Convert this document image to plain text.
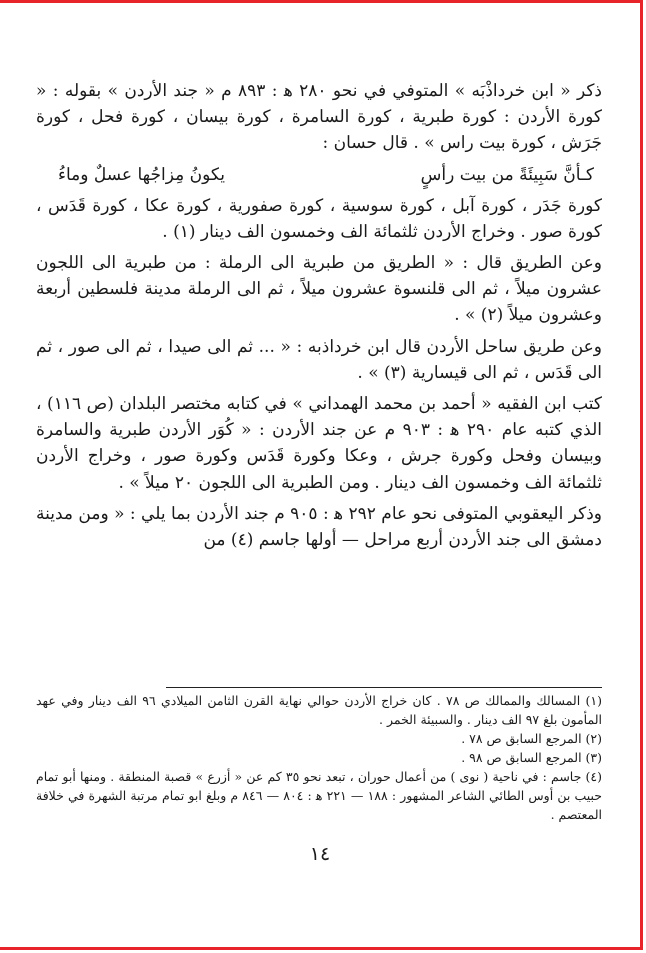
ذكر « ابن خرداذْبَه » المتوفي في نحو ٢٨٠ ﻫ : ٨٩٣ م « جند الأردن » بقوله : « كورة الأردن : كورة طبرية ، كورة السامرة ، كورة بيسان ، كورة فحل ، كورة جَرَش ، كورة بيت راس » . قال حسان :

كـأنَّ سَبِيئَةً من بيت رأسٍ
يكونُ مِزاجُها عسلٌ وماءُ

كورة جَدَر ، كورة آبل ، كورة سوسية ، كورة صفورية ، كورة عكا ، كورة قَدَس ، كورة صور . وخراج الأردن ثلثمائة الف وخمسون الف دينار (١) .

وعن الطريق قال : « الطريق من طبرية الى الرملة : من طبرية الى اللجون عشرون ميلاً ، ثم الى قلنسوة عشرون ميلاً ، ثم الى الرملة مدينة فلسطين أربعة وعشرون ميلاً (٢) » .

وعن طريق ساحل الأردن قال ابن خرداذبه : « ... ثم الى صيدا ، ثم الى صور ، ثم الى قَدَس ، ثم الى قيسارية (٣) » .

كتب ابن الفقيه « أحمد بن محمد الهمداني » في كتابه مختصر البلدان (ص ١١٦) ، الذي كتبه عام ٢٩٠ ﻫ : ٩٠٣ م عن جند الأردن : « كُوَر الأردن طبرية والسامرة وبيسان وفحل وكورة جرش ، وعكا وكورة قَدَس وكورة صور ، وخراج الأردن ثلثمائة الف وخمسون الف دينار . ومن الطبرية الى اللجون ٢٠ ميلاً » .

وذكر اليعقوبي المتوفى نحو عام ٢٩٢ ﻫ : ٩٠٥ م جند الأردن بما يلي : « ومن مدينة دمشق الى جند الأردن أربع مراحل — أولها جاسم (٤) من

(١) المسالك والممالك ص ٧٨ . كان خراج الأردن حوالي نهاية القرن الثامن الميلادي ٩٦ الف دينار وفي عهد المأمون بلغ ٩٧ الف دينار . والسبيئة الخمر .

(٢) المرجع السابق ص ٧٨ .

(٣) المرجع السابق ص ٩٨ .

(٤) جاسم : في ناحية ( نوى ) من أعمال حوران ، تبعد نحو ٣٥ كم عن « أزرع » قصبة المنطقة . ومنها أبو تمام حبيب بن أوس الطائي الشاعر المشهور : ١٨٨ — ٢٢١ ﻫ : ٨٠٤ — ٨٤٦ م وبلغ ابو تمام مرتبة الشهرة في خلافة المعتصم .

١٤
